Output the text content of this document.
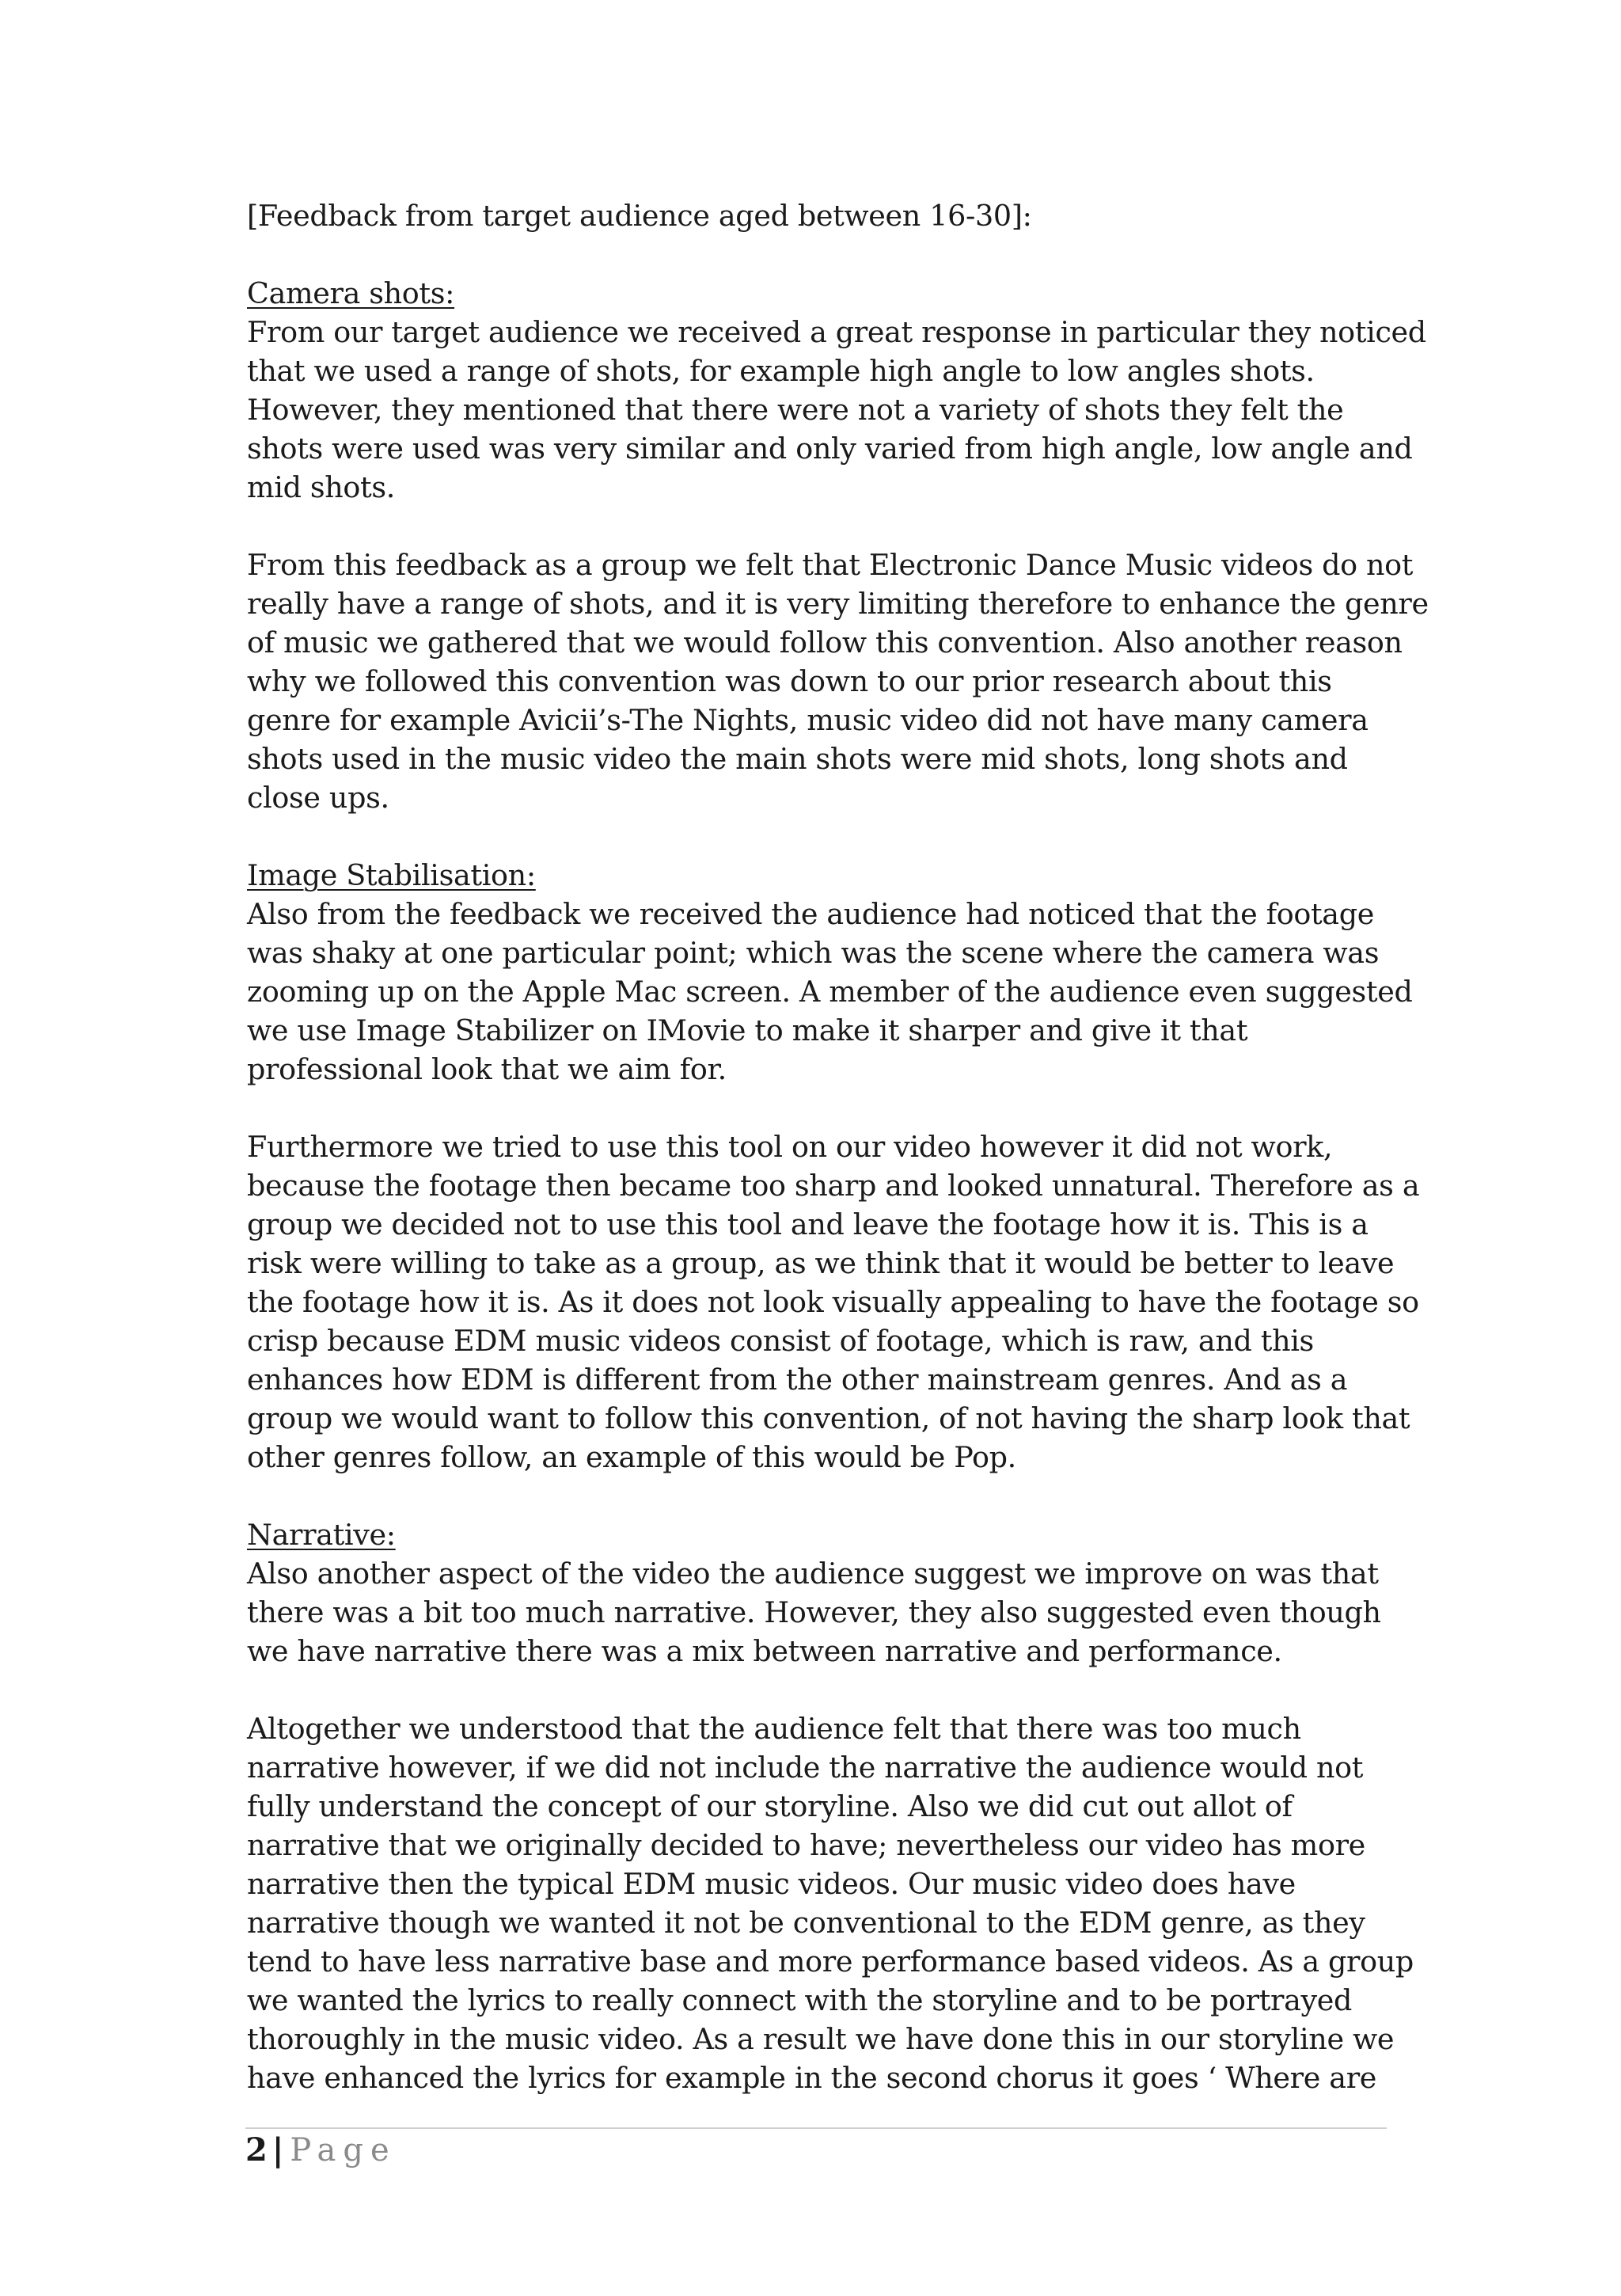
[Feedback from target audience aged between 16-30]:
Camera shots:
From our target audience we received a great response in particular they noticed
that we used a range of shots, for example high angle to low angles shots.
However, they mentioned that there were not a variety of shots they felt the
shots were used was very similar and only varied from high angle, low angle and
mid shots.
From this feedback as a group we felt that Electronic Dance Music videos do not
really have a range of shots, and it is very limiting therefore to enhance the genre
of music we gathered that we would follow this convention. Also another reason
why we followed this convention was down to our prior research about this
genre for example Avicii’s-The Nights, music video did not have many camera
shots used in the music video the main shots were mid shots, long shots and
close ups.
Image Stabilisation:
Also from the feedback we received the audience had noticed that the footage
was shaky at one particular point; which was the scene where the camera was
zooming up on the Apple Mac screen. A member of the audience even suggested
we use Image Stabilizer on IMovie to make it sharper and give it that
professional look that we aim for.
Furthermore we tried to use this tool on our video however it did not work,
because the footage then became too sharp and looked unnatural. Therefore as a
group we decided not to use this tool and leave the footage how it is. This is a
risk were willing to take as a group, as we think that it would be better to leave
the footage how it is. As it does not look visually appealing to have the footage so
crisp because EDM music videos consist of footage, which is raw, and this
enhances how EDM is different from the other mainstream genres. And as a
group we would want to follow this convention, of not having the sharp look that
other genres follow, an example of this would be Pop.
Narrative:
Also another aspect of the video the audience suggest we improve on was that
there was a bit too much narrative. However, they also suggested even though
we have narrative there was a mix between narrative and performance.
Altogether we understood that the audience felt that there was too much
narrative however, if we did not include the narrative the audience would not
fully understand the concept of our storyline. Also we did cut out allot of
narrative that we originally decided to have; nevertheless our video has more
narrative then the typical EDM music videos. Our music video does have
narrative though we wanted it not be conventional to the EDM genre, as they
tend to have less narrative base and more performance based videos. As a group
we wanted the lyrics to really connect with the storyline and to be portrayed
thoroughly in the music video. As a result we have done this in our storyline we
have enhanced the lyrics for example in the second chorus it goes ‘ Where are
2 | Page
